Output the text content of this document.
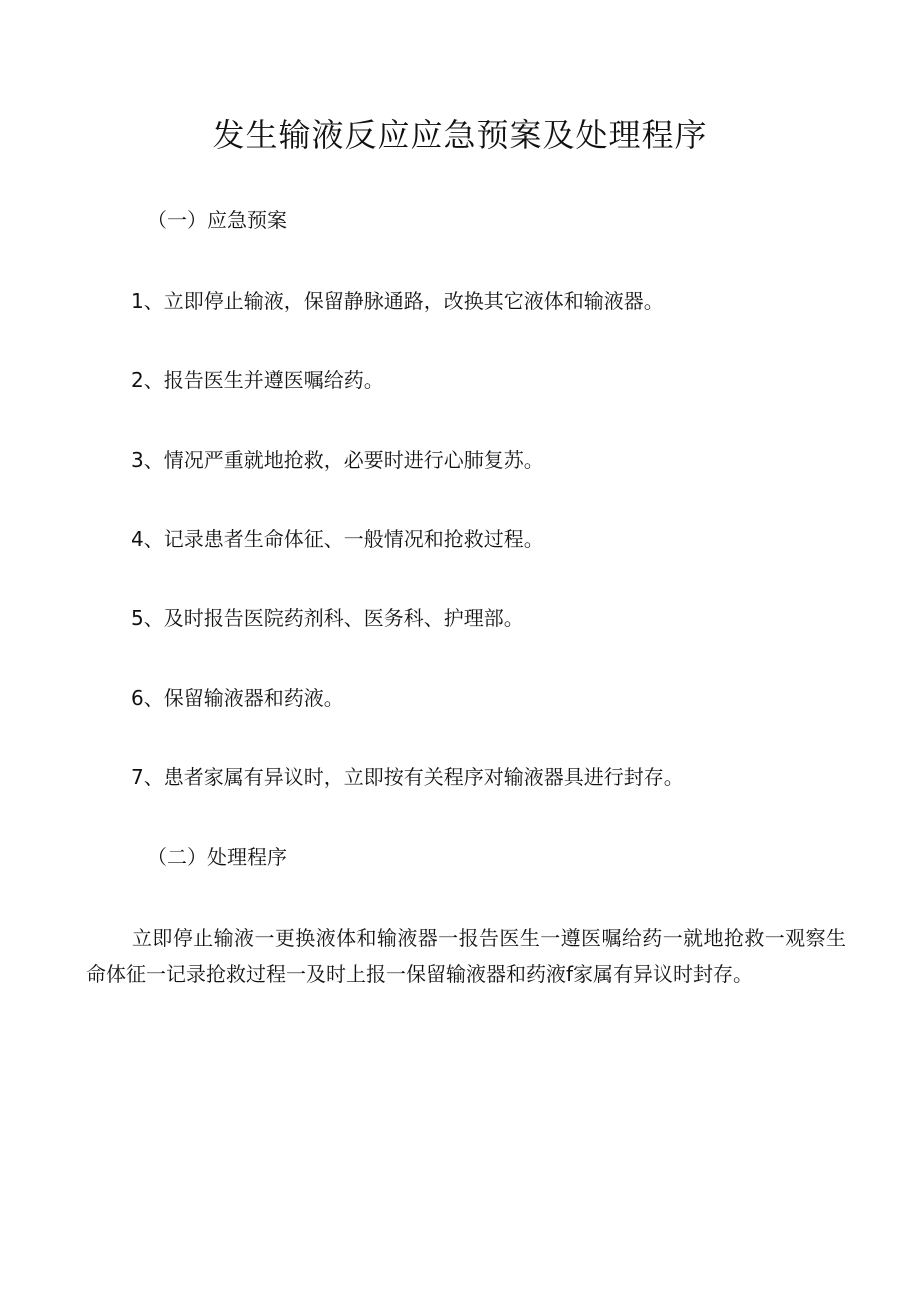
发生输液反应应急预案及处理程序

（一）应急预案

1、立即停止输液，保留静脉通路，改换其它液体和输液器。

2、报告医生并遵医嘱给药。

3、情况严重就地抢救，必要时进行心肺复苏。

4、记录患者生命体征、一般情况和抢救过程。

5、及时报告医院药剂科、医务科、护理部。

6、保留输液器和药液。

7、患者家属有异议时，立即按有关程序对输液器具进行封存。

（二）处理程序

立即停止输液一更换液体和输液器一报告医生一遵医嘱给药一就地抢救一观察生命体征一记录抢救过程一及时上报一保留输液器和药液f家属有异议时封存。
